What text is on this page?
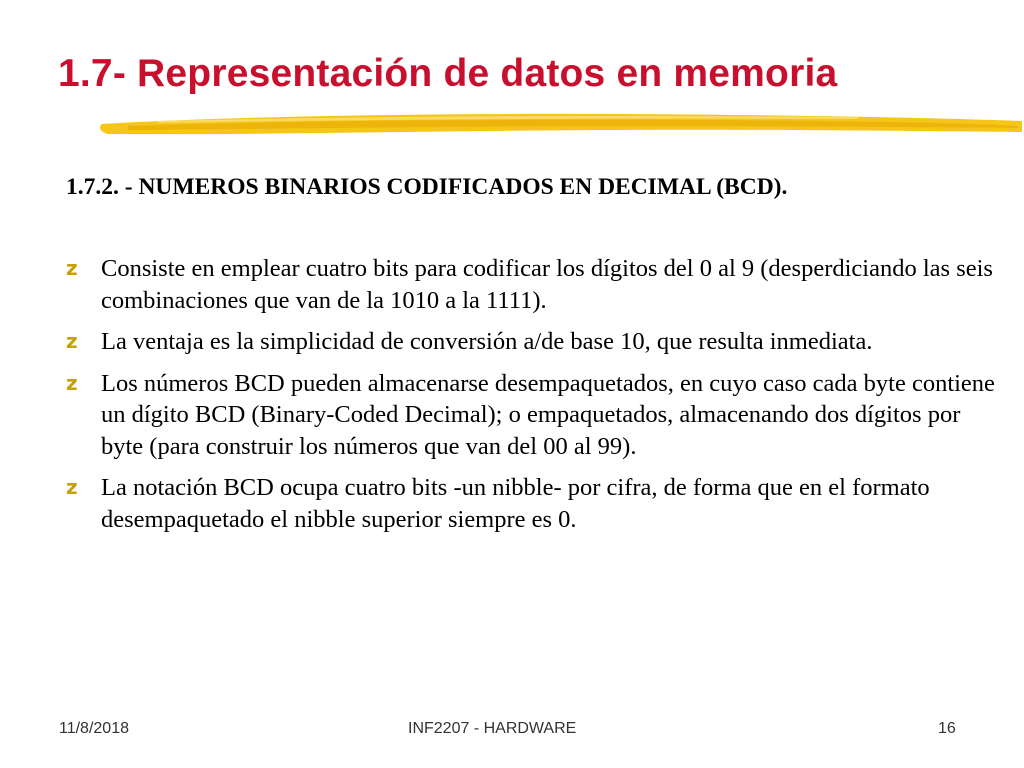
1.7- Representación de datos en memoria
1.7.2. - NUMEROS BINARIOS CODIFICADOS EN DECIMAL (BCD).
z Consiste en emplear cuatro bits para codificar los dígitos del 0 al 9 (desperdiciando las seis combinaciones que van de la 1010 a la 1111).
z La ventaja es la simplicidad de conversión a/de base 10, que resulta inmediata.
z Los números BCD pueden almacenarse desempaquetados, en cuyo caso cada byte contiene un dígito BCD (Binary-Coded Decimal); o empaquetados, almacenando dos dígitos por byte (para construir los números que van del 00 al 99).
z La notación BCD ocupa cuatro bits -un nibble- por cifra, de forma que en el formato desempaquetado el nibble superior siempre es 0.
11/8/2018	INF2207 - HARDWARE	16
